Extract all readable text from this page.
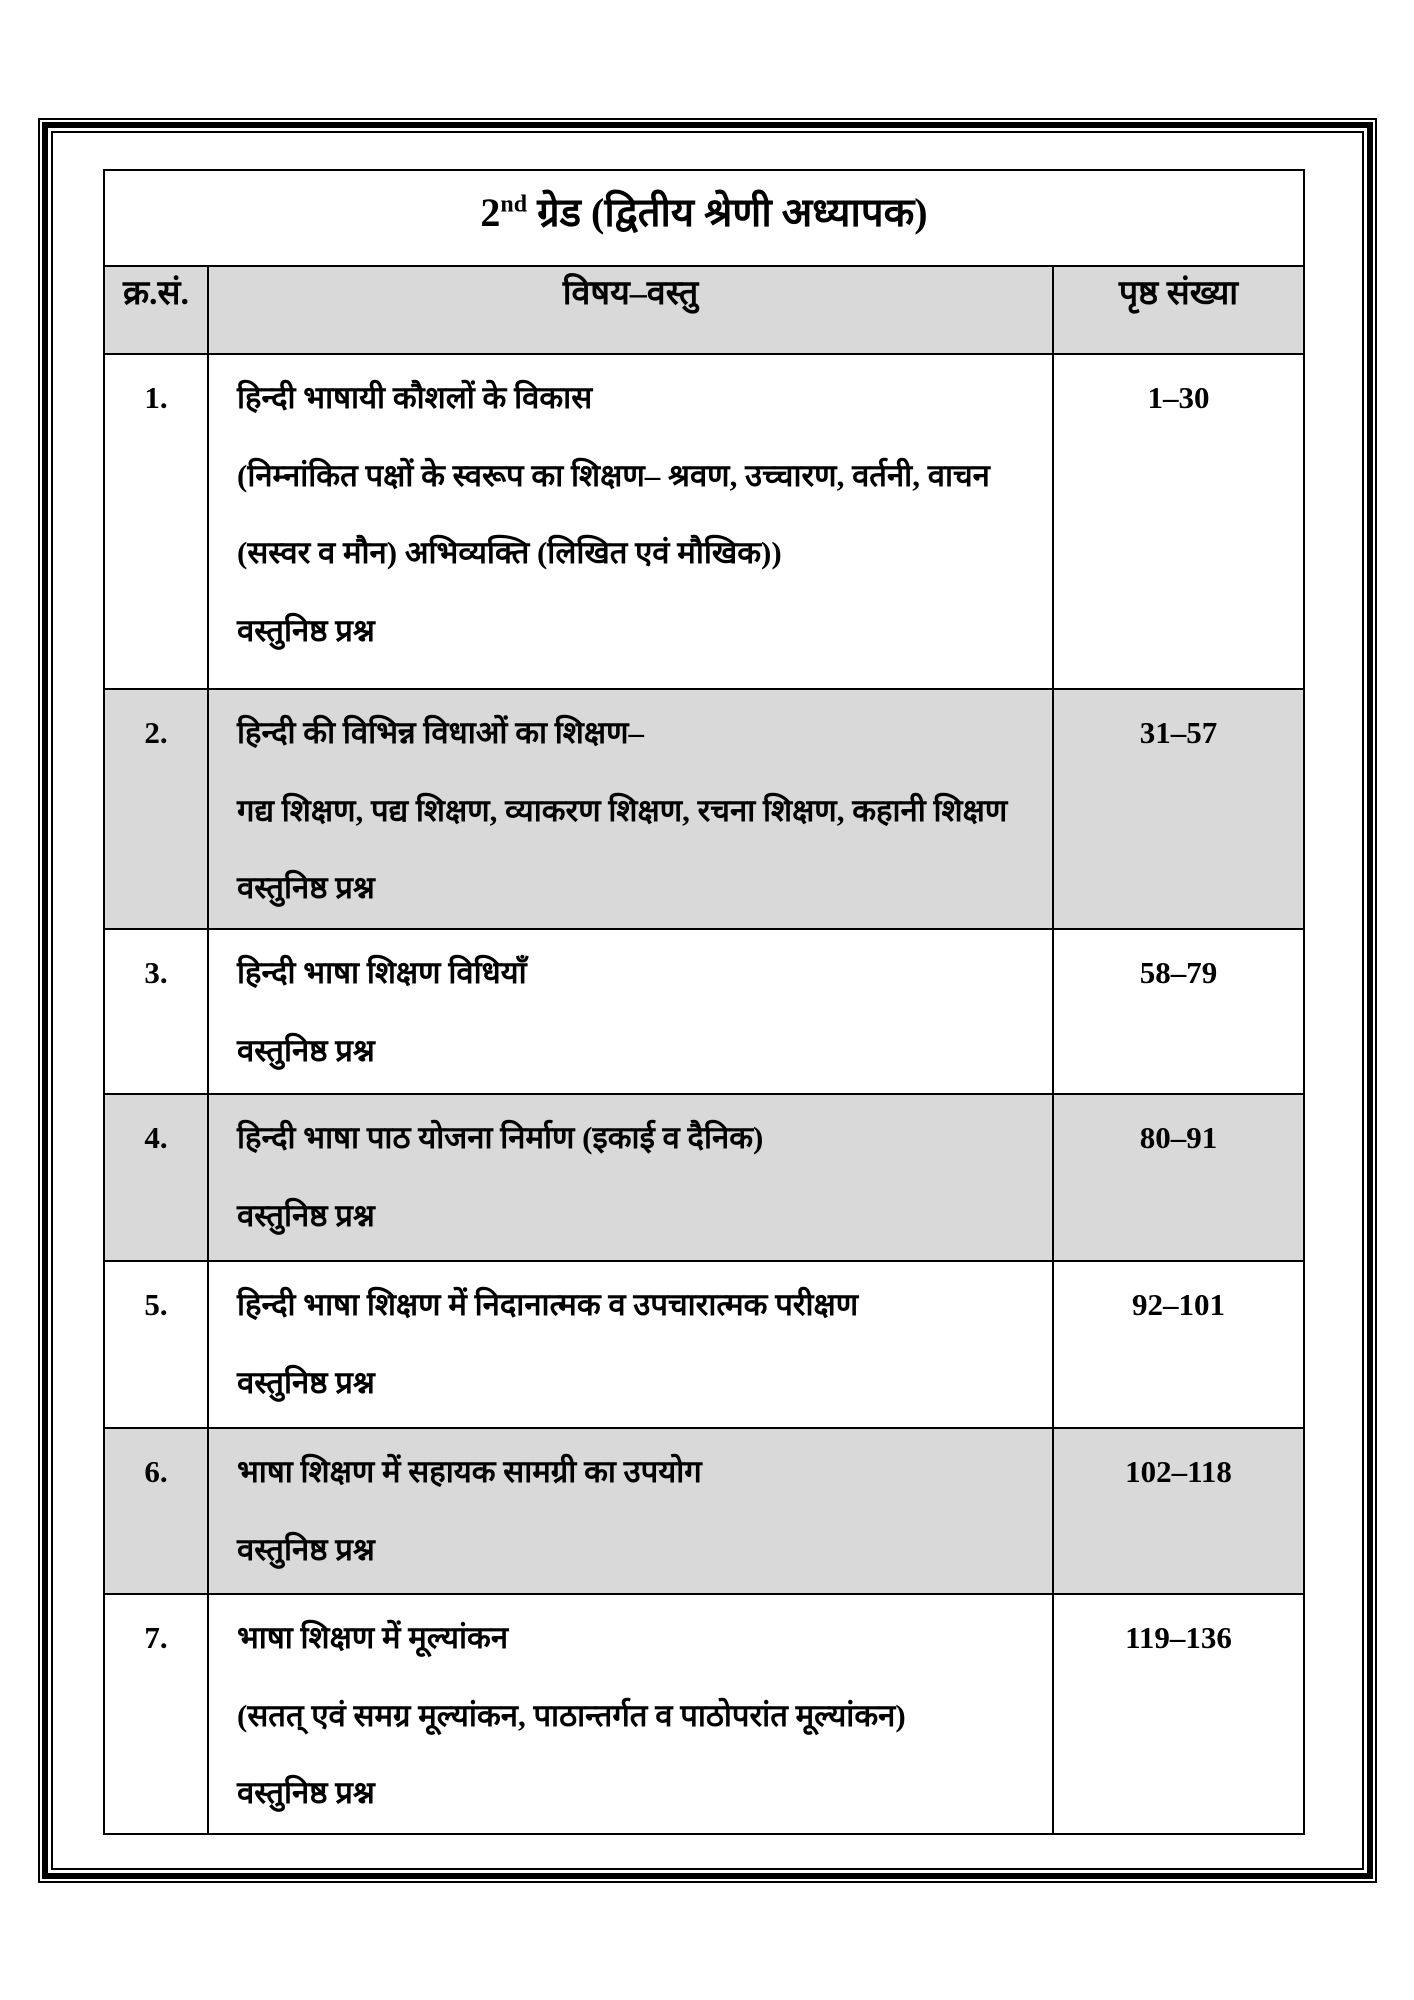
2nd ग्रेड (द्वितीय श्रेणी अध्यापक)		
क्र.सं.	विषय–वस्तु	पृष्ठ संख्या
1.	हिन्दी भाषायी कौशलों के विकास
(निम्नांकित पक्षों के स्वरूप का शिक्षण– श्रवण, उच्चारण, वर्तनी, वाचन
(सस्वर व मौन) अभिव्यक्ति (लिखित एवं मौखिक))
वस्तुनिष्ठ प्रश्न	1–30
2.	हिन्दी की विभिन्न विधाओं का शिक्षण–
गद्य शिक्षण, पद्य शिक्षण, व्याकरण शिक्षण, रचना शिक्षण, कहानी शिक्षण
वस्तुनिष्ठ प्रश्न	31–57
3.	हिन्दी भाषा शिक्षण विधियाँ
वस्तुनिष्ठ प्रश्न	58–79
4.	हिन्दी भाषा पाठ योजना निर्माण (इकाई व दैनिक)
वस्तुनिष्ठ प्रश्न	80–91
5.	हिन्दी भाषा शिक्षण में निदानात्मक व उपचारात्मक परीक्षण
वस्तुनिष्ठ प्रश्न	92–101
6.	भाषा शिक्षण में सहायक सामग्री का उपयोग
वस्तुनिष्ठ प्रश्न	102–118
7.	भाषा शिक्षण में मूल्यांकन
(सतत् एवं समग्र मूल्यांकन, पाठान्तर्गत व पाठोपरांत मूल्यांकन)
वस्तुनिष्ठ प्रश्न	119–136
